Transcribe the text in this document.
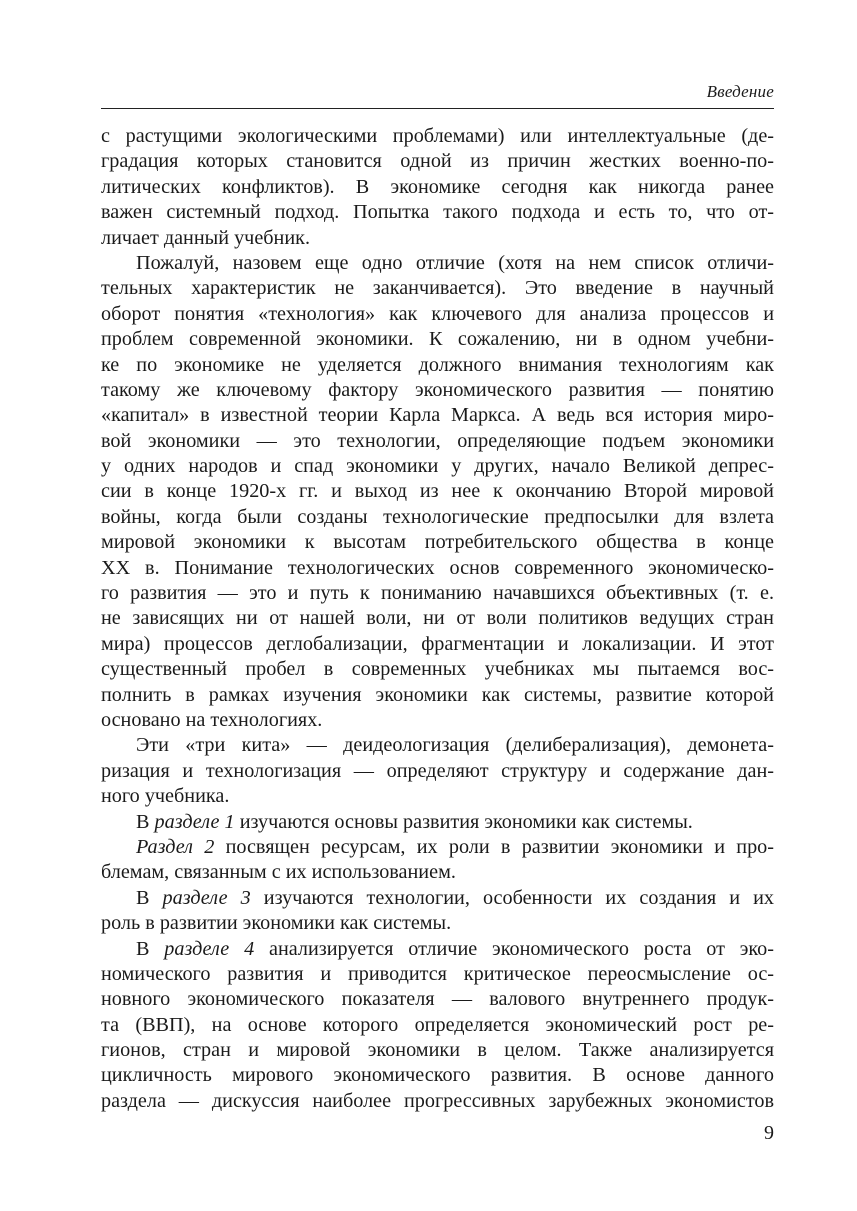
Введение

с растущими экологическими проблемами) или интеллектуальные (де-
градация которых становится одной из причин жестких военно-по-
литических конфликтов). В экономике сегодня как никогда ранее
важен системный подход. Попытка такого подхода и есть то, что от-
личает данный учебник.

Пожалуй, назовем еще одно отличие (хотя на нем список отличи-
тельных характеристик не заканчивается). Это введение в научный
оборот понятия «технология» как ключевого для анализа процессов и
проблем современной экономики. К сожалению, ни в одном учебни-
ке по экономике не уделяется должного внимания технологиям как
такому же ключевому фактору экономического развития — понятию
«капитал» в известной теории Карла Маркса. А ведь вся история миро-
вой экономики — это технологии, определяющие подъем экономики
у одних народов и спад экономики у других, начало Великой депрес-
сии в конце 1920-х гг. и выход из нее к окончанию Второй мировой
войны, когда были созданы технологические предпосылки для взлета
мировой экономики к высотам потребительского общества в конце
XX в. Понимание технологических основ современного экономическо-
го развития — это и путь к пониманию начавшихся объективных (т. е.
не зависящих ни от нашей воли, ни от воли политиков ведущих стран
мира) процессов деглобализации, фрагментации и локализации. И этот
существенный пробел в современных учебниках мы пытаемся вос-
полнить в рамках изучения экономики как системы, развитие которой
основано на технологиях.

Эти «три кита» — деидеологизация (делиберализация), демонета-
ризация и технологизация — определяют структуру и содержание дан-
ного учебника.

В разделе 1 изучаются основы развития экономики как системы.

Раздел 2 посвящен ресурсам, их роли в развитии экономики и про-
блемам, связанным с их использованием.

В разделе 3 изучаются технологии, особенности их создания и их
роль в развитии экономики как системы.

В разделе 4 анализируется отличие экономического роста от эко-
номического развития и приводится критическое переосмысление ос-
новного экономического показателя — валового внутреннего продук-
та (ВВП), на основе которого определяется экономический рост ре-
гионов, стран и мировой экономики в целом. Также анализируется
цикличность мирового экономического развития. В основе данного
раздела — дискуссия наиболее прогрессивных зарубежных экономистов

9
